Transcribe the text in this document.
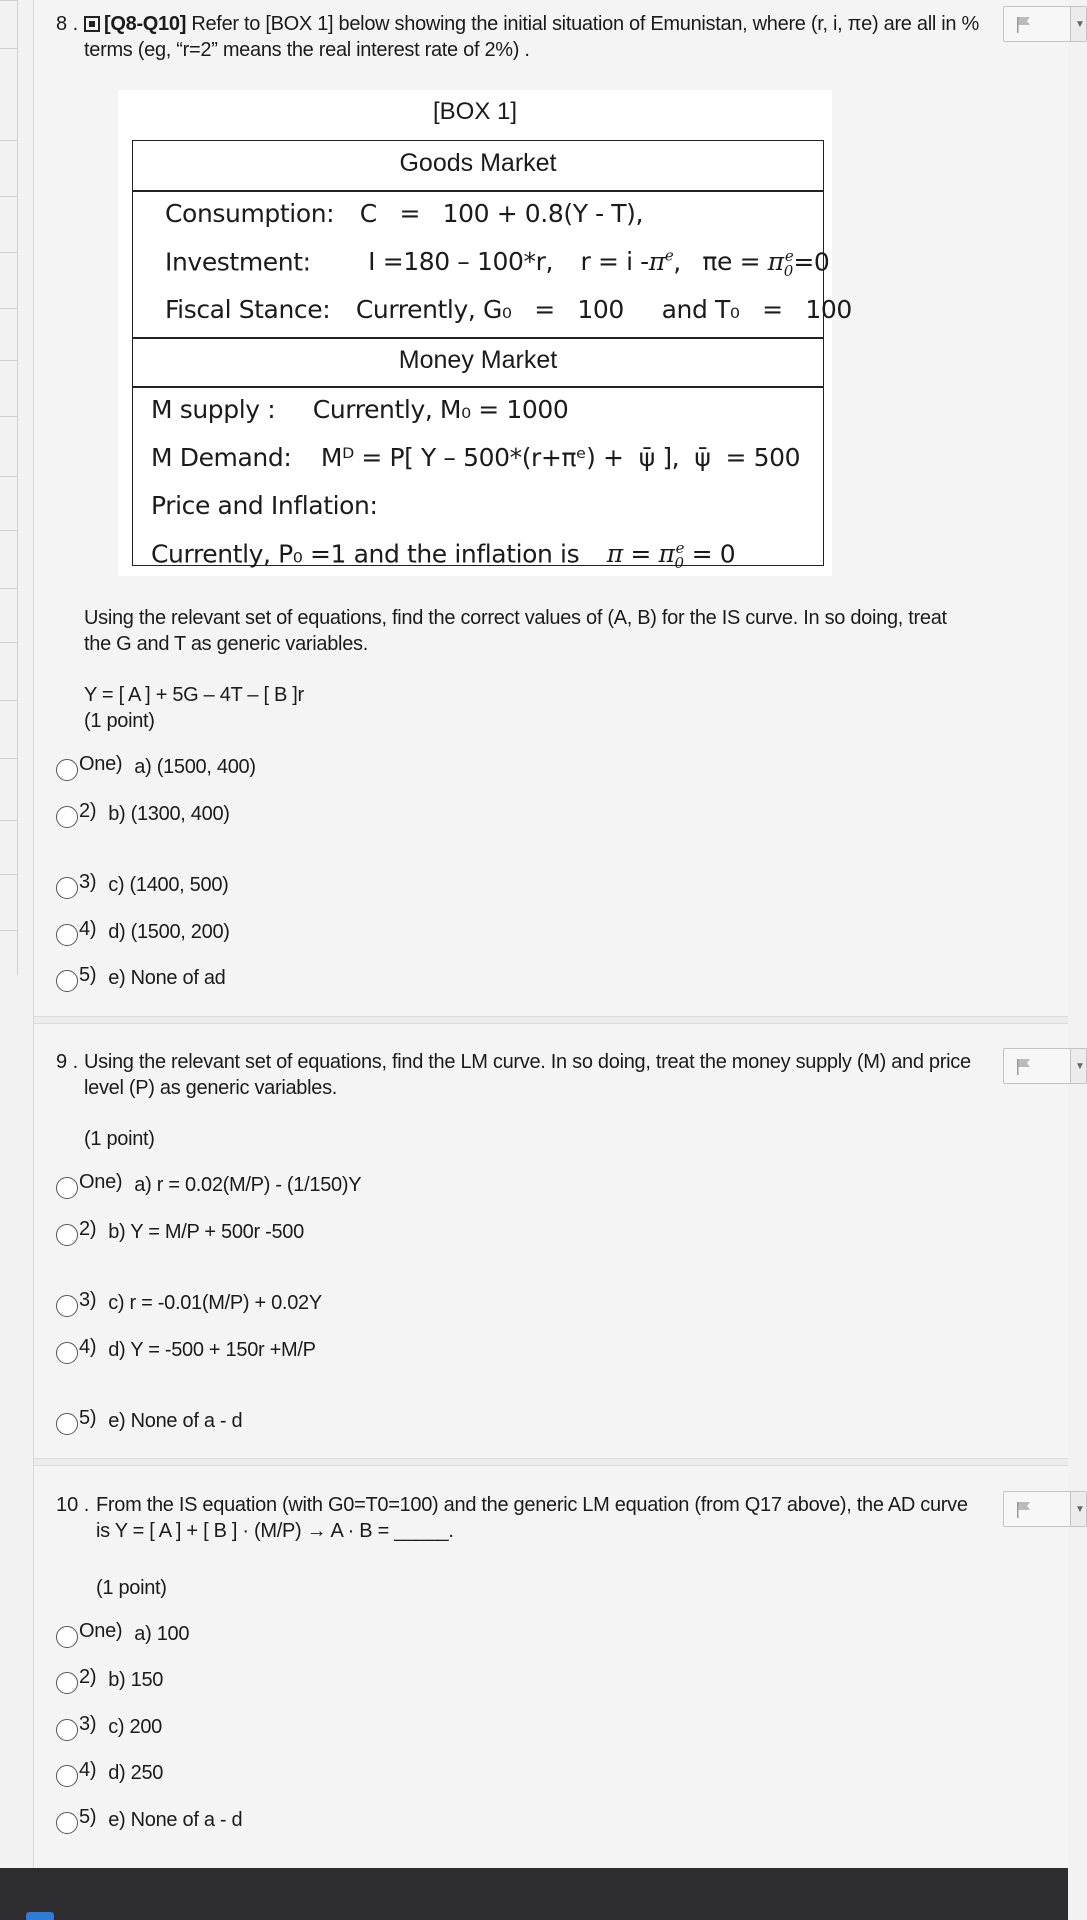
8 .	[Q8-Q10] Refer to [BOX 1] below showing the initial situation of Emunistan, where (r, i, πe) are all in %
terms (eg, “r=2” means the real interest rate of 2%) .
▼
[BOX 1]
Goods Market
Consumption: C   =   100 + 0.8(Y - T),
Investment: I =180 – 100*r, r = i $-\pi^e$, $\pi e = \pi_0^e=0$
Fiscal Stance: Currently, G₀   =   100     and T₀   =   100
Money Market
M supply : Currently, M₀ = 1000
M Demand: Mᴰ = P[ Y – 500*(r+πᵉ) +  ψ̄ ],  ψ̄  = 500
Price and Inflation:
Currently, P₀ =1 and the inflation is $\pi = \pi_0^e = 0$
Using the relevant set of equations, find the correct values of (A, B) for the IS curve. In so doing, treat
the G and T as generic variables.
Y = [ A ] + 5G – 4T – [ B ]r
(1 point)
One) a) (1500, 400)
2) b) (1300, 400)
3) c) (1400, 500)
4) d) (1500, 200)
5) e) None of ad
9 . Using the relevant set of equations, find the LM curve. In so doing, treat the money supply (M) and price
level (P) as generic variables.
▼
(1 point)
One) a) r = 0.02(M/P) - (1/150)Y
2) b) Y = M/P + 500r -500
3) c) r = -0.01(M/P) + 0.02Y
4) d) Y = -500 + 150r +M/P
5) e) None of a - d
10 . From the IS equation (with G0=T0=100) and the generic LM equation (from Q17 above), the AD curve
is Y = [ A ] + [ B ] · (M/P) → A · B = _____.
▼
(1 point)
One) a) 100
2) b) 150
3) c) 200
4) d) 250
5) e) None of a - d
